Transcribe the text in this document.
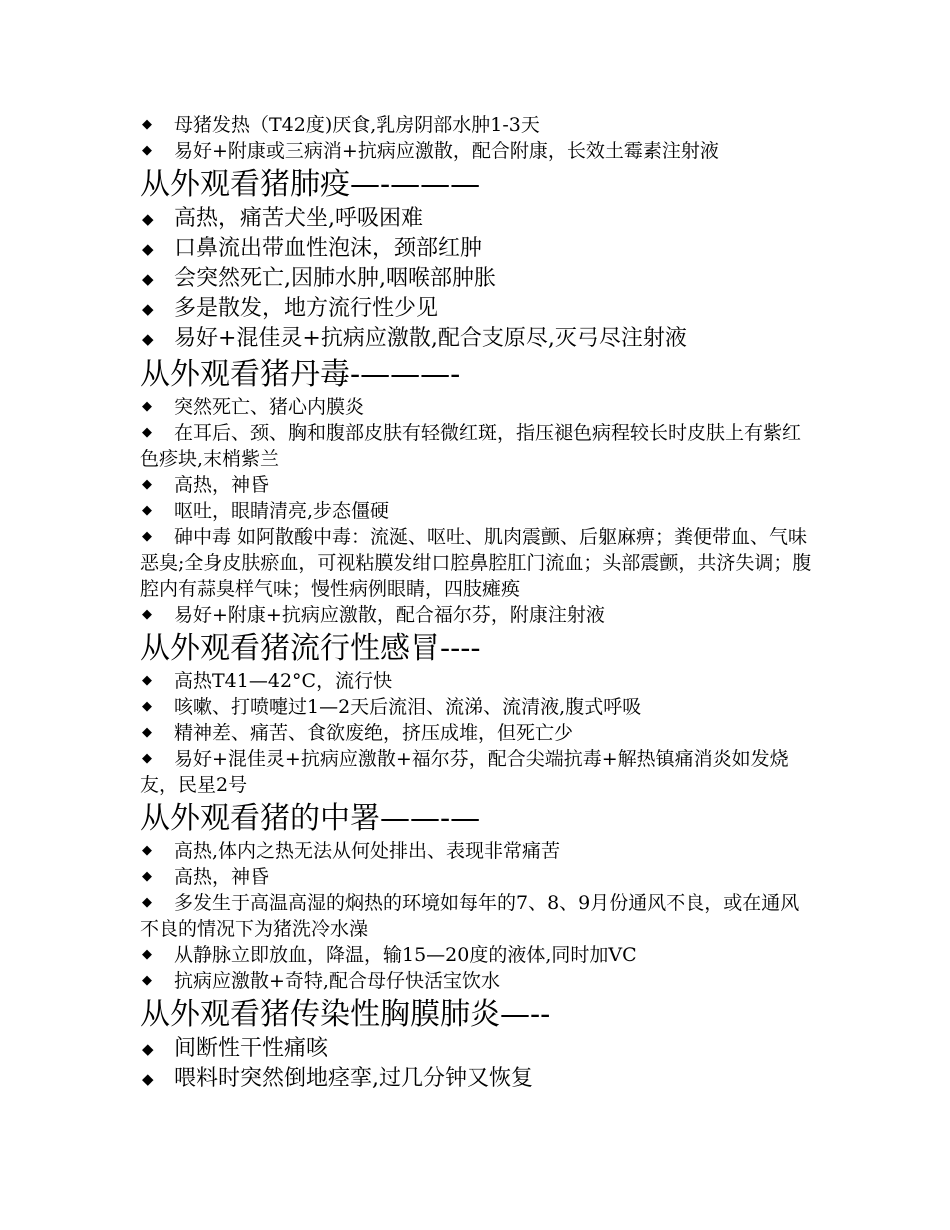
◆ 母猪发热（T42度)厌食,乳房阴部水肿1-3天

◆ 易好+附康或三病消+抗病应激散，配合附康，长效土霉素注射液

从外观看猪肺疫—-———

◆ 高热，痛苦犬坐,呼吸困难

◆ 口鼻流出带血性泡沫，颈部红肿

◆ 会突然死亡,因肺水肿,咽喉部肿胀

◆ 多是散发，地方流行性少见

◆ 易好+混佳灵+抗病应激散,配合支原尽,灭弓尽注射液

从外观看猪丹毒-———-

◆ 突然死亡、猪心内膜炎

◆ 在耳后、颈、胸和腹部皮肤有轻微红斑，指压褪色病程较长时皮肤上有紫红色疹块,末梢紫兰

◆ 高热，神昏

◆ 呕吐，眼睛清亮,步态僵硬

◆ 砷中毒 如阿散酸中毒：流涎、呕吐、肌肉震颤、后躯麻痹；粪便带血、气味恶臭;全身皮肤瘀血，可视粘膜发绀口腔鼻腔肛门流血；头部震颤，共济失调；腹腔内有蒜臭样气味；慢性病例眼睛，四肢瘫痪

◆ 易好+附康+抗病应激散，配合福尔芬，附康注射液

从外观看猪流行性感冒----

◆ 高热T41—42°C，流行快

◆ 咳嗽、打喷嚏过1—2天后流泪、流涕、流清液,腹式呼吸

◆ 精神差、痛苦、食欲废绝，挤压成堆，但死亡少

◆ 易好+混佳灵+抗病应激散+福尔芬，配合尖端抗毒+解热镇痛消炎如发烧友，民星2号

从外观看猪的中署——-—

◆ 高热,体内之热无法从何处排出、表现非常痛苦

◆ 高热，神昏

◆ 多发生于高温高湿的焖热的环境如每年的7、8、9月份通风不良，或在通风不良的情况下为猪洗冷水澡

◆ 从静脉立即放血，降温，输15—20度的液体,同时加VC

◆ 抗病应激散+奇特,配合母仔快活宝饮水

从外观看猪传染性胸膜肺炎—--

◆ 间断性干性痛咳

◆ 喂料时突然倒地痉挛,过几分钟又恢复
